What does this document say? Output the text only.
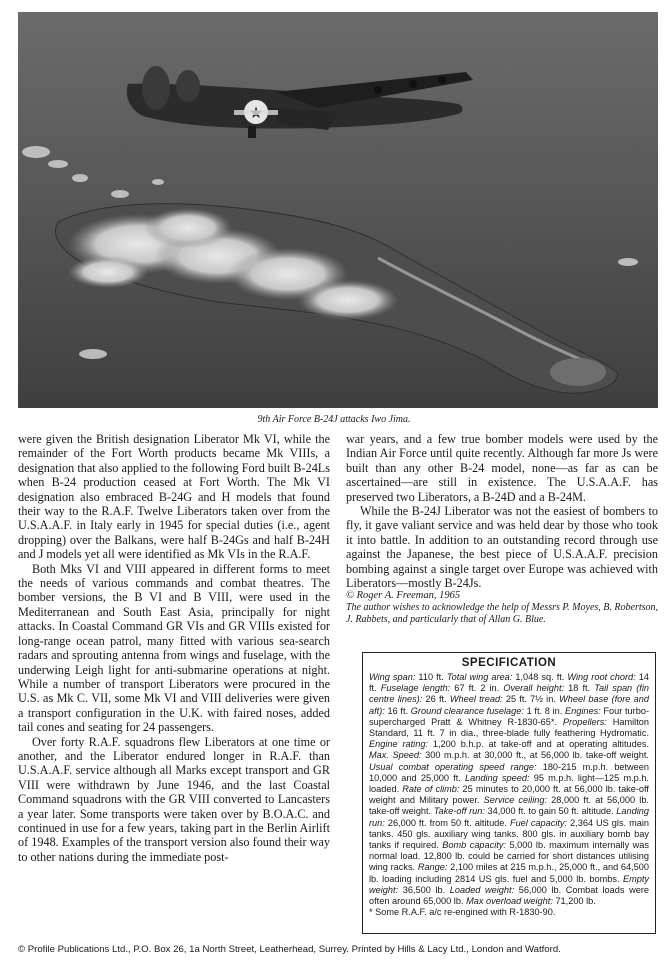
9th Air Force B-24J attacks Iwo Jima.

were given the British designation Liberator Mk VI, while the remainder of the Fort Worth products became Mk VIIIs, a designation that also applied to the following Ford built B-24Ls when B-24 production ceased at Fort Worth. The Mk VI designation also embraced B-24G and H models that found their way to the R.A.F. Twelve Liberators taken over from the U.S.A.A.F. in Italy early in 1945 for special duties (i.e., agent dropping) over the Balkans, were half B-24Gs and half B-24H and J models yet all were identified as Mk VIs in the R.A.F.

Both Mks VI and VIII appeared in different forms to meet the needs of various commands and combat theatres. The bomber versions, the B VI and B VIII, were used in the Mediterranean and South East Asia, principally for night attacks. In Coastal Command GR VIs and GR VIIIs existed for long-range ocean patrol, many fitted with various sea-search radars and sprouting antenna from wings and fuselage, with the underwing Leigh light for anti-submarine operations at night. While a number of transport Liberators were procured in the U.S. as Mk C. VII, some Mk VI and VIII deliveries were given a transport configuration in the U.K. with faired noses, added tail cones and seating for 24 passengers.

Over forty R.A.F. squadrons flew Liberators at one time or another, and the Liberator endured longer in R.A.F. than U.S.A.A.F. service although all Marks except transport and GR VIII were withdrawn by June 1946, and the last Coastal Command squadrons with the GR VIII converted to Lancasters a year later. Some transports were taken over by B.O.A.C. and continued in use for a few years, taking part in the Berlin Airlift of 1948. Examples of the transport version also found their way to other nations during the immediate post-

war years, and a few true bomber models were used by the Indian Air Force until quite recently. Although far more Js were built than any other B-24 model, none—as far as can be ascertained—are still in existence. The U.S.A.A.F. has preserved two Liberators, a B-24D and a B-24M.

While the B-24J Liberator was not the easiest of bombers to fly, it gave valiant service and was held dear by those who took it into battle. In addition to an outstanding record through use against the Japanese, the best piece of U.S.A.A.F. precision bombing against a single target over Europe was achieved with Liberators—mostly B-24Js.

© Roger A. Freeman, 1965

The author wishes to acknowledge the help of Messrs P. Moyes, B. Robertson, J. Rabbets, and particularly that of Allan G. Blue.

SPECIFICATION
Wing span: 110 ft. Total wing area: 1,048 sq. ft. Wing root chord: 14 ft. Fuselage length: 67 ft. 2 in. Overall height: 18 ft. Tail span (fin centre lines): 26 ft. Wheel tread: 25 ft. 7½ in. Wheel base (fore and aft): 16 ft. Ground clearance fuselage: 1 ft. 8 in. Engines: Four turbo-supercharged Pratt & Whitney R-1830-65*. Propellers: Hamilton Standard, 11 ft. 7 in dia., three-blade fully feathering Hydromatic. Engine rating: 1,200 b.h.p. at take-off and at operating altitudes. Max. Speed: 300 m.p.h. at 30,000 ft., at 56,000 lb. take-off weight. Usual combat operating speed range: 180-215 m.p.h. between 10,000 and 25,000 ft. Landing speed: 95 m.p.h. light—125 m.p.h. loaded. Rate of climb: 25 minutes to 20,000 ft. at 56,000 lb. take-off weight and Military power. Service ceiling: 28,000 ft. at 56,000 lb. take-off weight. Take-off run: 34,000 ft. to gain 50 ft. altitude. Landing run: 26,000 ft. from 50 ft. altitude. Fuel capacity: 2,364 US gls. main tanks. 450 gls. auxiliary wing tanks. 800 gls. in auxiliary bomb bay tanks if required. Bomb capacity: 5,000 lb. maximum internally was normal load. 12,800 lb. could be carried for short distances utilising wing racks. Range: 2,100 miles at 215 m.p.h., 25,000 ft., and 64,500 lb. loading including 2814 US gls. fuel and 5,000 lb. bombs. Empty weight: 36,500 lb. Loaded weight: 56,000 lb. Combat loads were often around 65,000 lb. Max overload weight: 71,200 lb.
* Some R.A.F. a/c re-engined with R-1830-90.
© Profile Publications Ltd., P.O. Box 26, 1a North Street, Leatherhead, Surrey. Printed by Hills & Lacy Ltd., London and Watford.
